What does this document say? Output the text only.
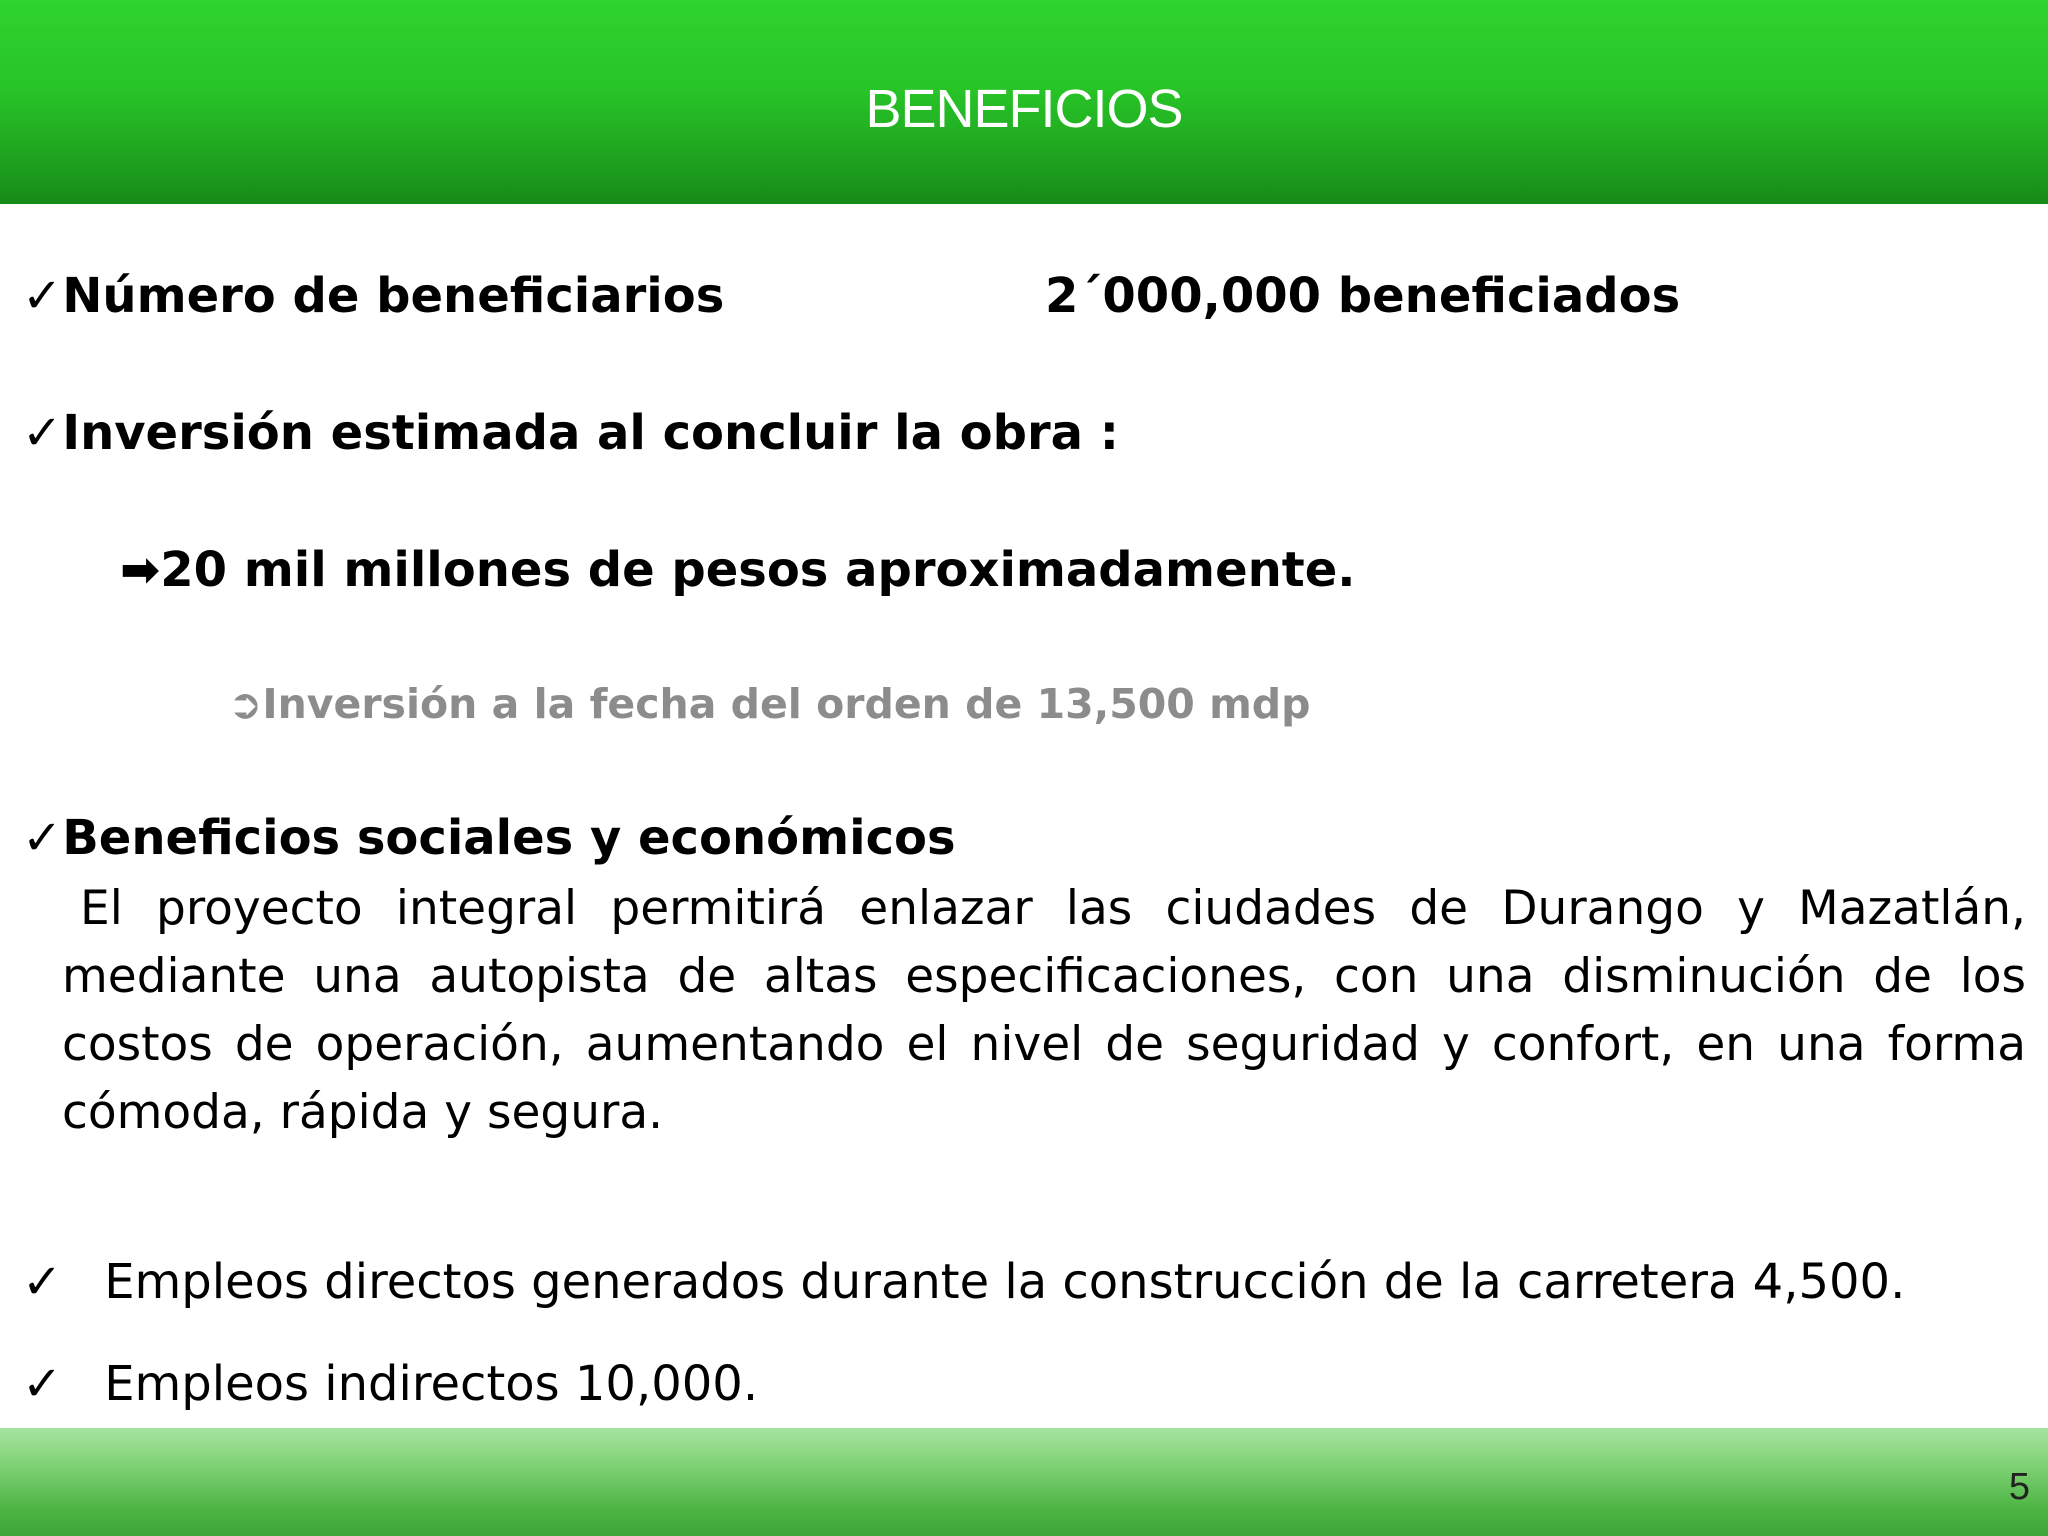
BENEFICIOS
✓Número de beneficiarios	2´000,000 beneficiados
✓Inversión estimada al concluir la obra :
➡20 mil millones de pesos aproximadamente.
➲Inversión a la fecha del orden de 13,500 mdp
✓Beneficios sociales y económicos
El proyecto integral permitirá enlazar las ciudades de Durango y Mazatlán, mediante una autopista de altas especificaciones, con una disminución de los costos de operación, aumentando el nivel de seguridad y confort, en una forma cómoda, rápida y segura.
✓ Empleos directos generados durante la construcción de la carretera 4,500.
✓ Empleos indirectos 10,000.
5
